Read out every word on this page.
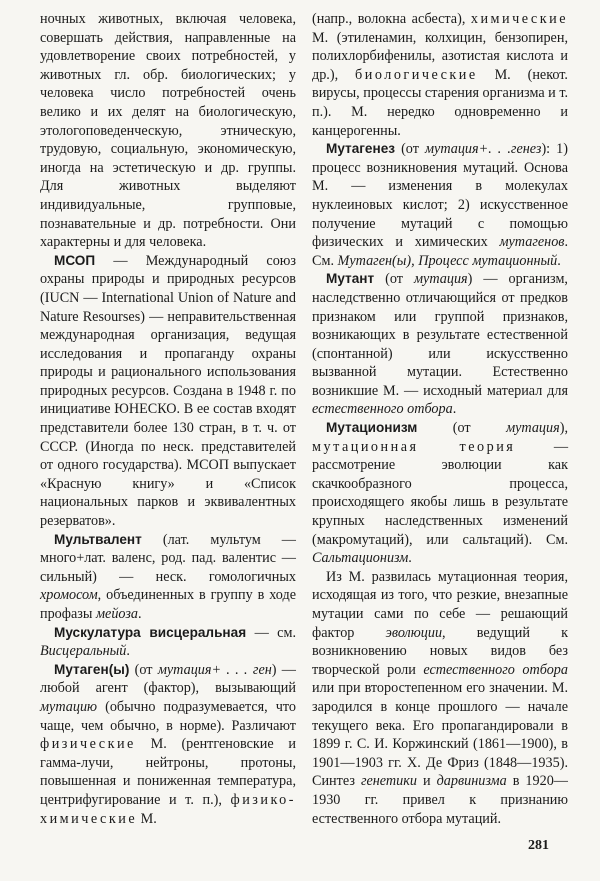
ночных животных, включая человека, совершать действия, направленные на удовлетворение своих потребностей, у животных гл. обр. биологических; у человека число потребностей очень велико и их делят на биологическую, этологоповеденческую, этническую, трудовую, социальную, экономическую, иногда на эстетическую и др. группы. Для животных выделяют индивидуальные, групповые, познавательные и др. потребности. Они характерны и для человека.

МСОП — Международный союз охраны природы и природных ресурсов (IUCN — International Union of Nature and Nature Resourses) — неправительственная международная организация, ведущая исследования и пропаганду охраны природы и рационального использования природных ресурсов. Создана в 1948 г. по инициативе ЮНЕСКО. В ее состав входят представители более 130 стран, в т. ч. от СССР. (Иногда по неск. представителей от одного государства). МСОП выпускает «Красную книгу» и «Список национальных парков и эквивалентных резерватов».

Мультвалент (лат. мультум — много+лат. валенс, род. пад. валентис — сильный) — неск. гомологичных хромосом, объединенных в группу в ходе профазы мейоза.

Мускулатура висцеральная — см. Висцеральный.

Мутаген(ы) (от мутация+ . . . ген) — любой агент (фактор), вызывающий мутацию (обычно подразумевается, что чаще, чем обычно, в норме). Различают физические М. (рентгеновские и гамма-лучи, нейтроны, протоны, повышенная и пониженная температура, центрифугирование и т. п.), физико-химические М.

(напр., волокна асбеста), химические М. (этиленамин, колхицин, бензопирен, полихлорбифенилы, азотистая кислота и др.), биологические М. (некот. вирусы, процессы старения организма и т. п.). М. нередко одновременно и канцерогенны.

Мутагенез (от мутация+. . .генез): 1) процесс возникновения мутаций. Основа М. — изменения в молекулах нуклеиновых кислот; 2) искусственное получение мутаций с помощью физических и химических мутагенов. См. Мутаген(ы), Процесс мутационный.

Мутант (от мутация) — организм, наследственно отличающийся от предков признаком или группой признаков, возникающих в результате естественной (спонтанной) или искусственно вызванной мутации. Естественно возникшие М. — исходный материал для естественного отбора.

Мутационизм (от мутация), мутационная теория — рассмотрение эволюции как скачкообразного процесса, происходящего якобы лишь в результате крупных наследственных изменений (макромутаций), или сальтаций). См. Сальтационизм.

Из М. развилась мутационная теория, исходящая из того, что резкие, внезапные мутации сами по себе — решающий фактор эволюции, ведущий к возникновению новых видов без творческой роли естественного отбора или при второстепенном его значении. М. зародился в конце прошлого — начале текущего века. Его пропагандировали в 1899 г. С. И. Коржинский (1861—1900), в 1901—1903 гг. Х. Де Фриз (1848—1935). Синтез генетики и дарвинизма в 1920—1930 гг. привел к признанию естественного отбора мутаций.

281
